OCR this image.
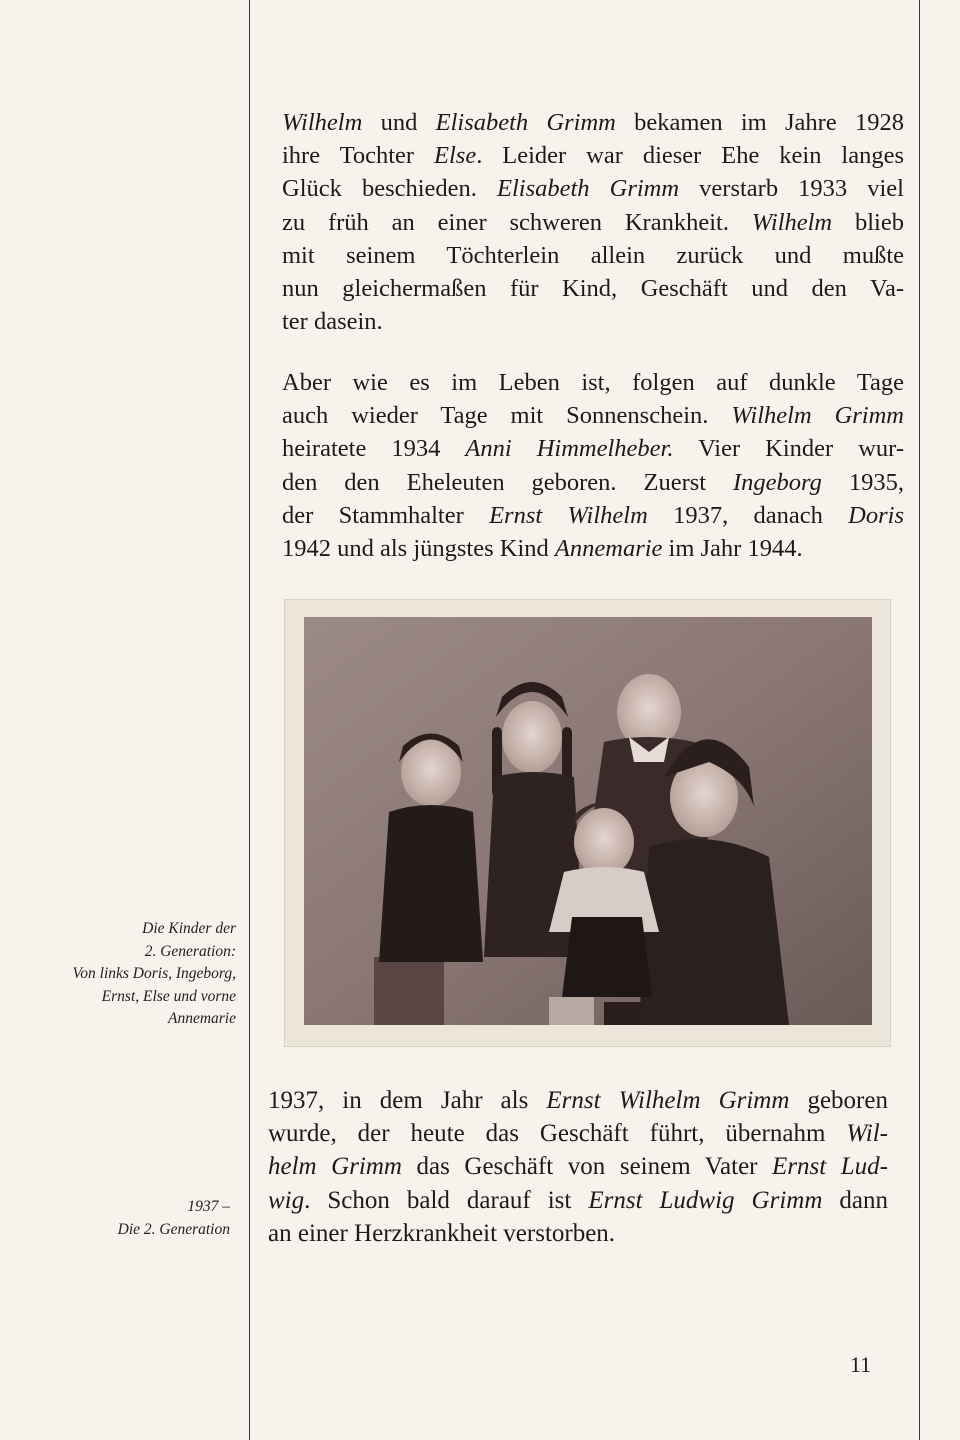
Wilhelm und Elisabeth Grimm bekamen im Jahre 1928
ihre Tochter Else. Leider war dieser Ehe kein langes
Glück beschieden. Elisabeth Grimm verstarb 1933 viel
zu früh an einer schweren Krankheit. Wilhelm blieb
mit seinem Töchterlein allein zurück und mußte
nun gleichermaßen für Kind, Geschäft und den Va-
ter dasein.
Aber wie es im Leben ist, folgen auf dunkle Tage
auch wieder Tage mit Sonnenschein. Wilhelm Grimm
heiratete 1934 Anni Himmelheber. Vier Kinder wur-
den den Eheleuten geboren. Zuerst Ingeborg 1935,
der Stammhalter Ernst Wilhelm 1937, danach Doris
1942 und als jüngstes Kind Annemarie im Jahr 1944.

Die Kinder der
2. Generation:
Von links Doris, Ingeborg,
Ernst, Else und vorne
Annemarie

1937, in dem Jahr als Ernst Wilhelm Grimm geboren
wurde, der heute das Geschäft führt, übernahm Wil-
helm Grimm das Geschäft von seinem Vater Ernst Lud-
wig. Schon bald darauf ist Ernst Ludwig Grimm dann
an einer Herzkrankheit verstorben.

1937 –
Die 2. Generation

11
